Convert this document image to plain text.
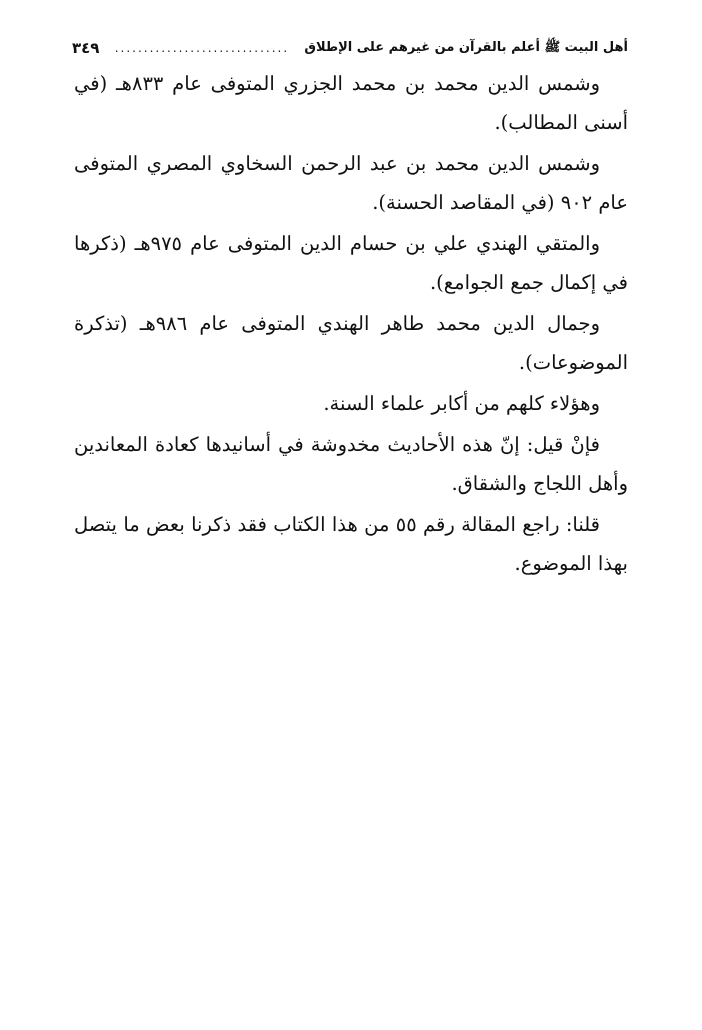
أهل البيت ﷺ أعلم بالقرآن من غيرهم على الإطلاق
..............................
٣٤٩

وشمس الدين محمد بن محمد الجزري المتوفى عام ٨٣٣هـ (في أسنى المطالب).

وشمس الدين محمد بن عبد الرحمن السخاوي المصري المتوفى عام ٩٠٢ (في المقاصد الحسنة).

والمتقي الهندي علي بن حسام الدين المتوفى عام ٩٧٥هـ (ذكرها في إكمال جمع الجوامع).

وجمال الدين محمد طاهر الهندي المتوفى عام ٩٨٦هـ (تذكرة الموضوعات).

وهؤلاء كلهم من أكابر علماء السنة.

فإنْ قيل: إنّ هذه الأحاديث مخدوشة في أسانيدها كعادة المعاندين وأهل اللجاج والشقاق.

قلنا: راجع المقالة رقم ٥٥ من هذا الكتاب فقد ذكرنا بعض ما يتصل بهذا الموضوع.
